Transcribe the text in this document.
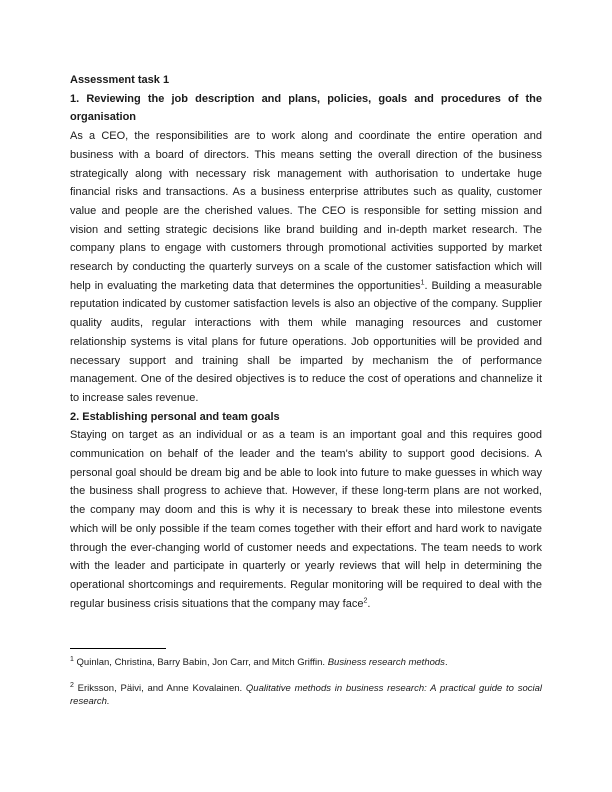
Assessment task 1
1. Reviewing the job description and plans, policies, goals and procedures of the organisation

As a CEO, the responsibilities are to work along and coordinate the entire operation and business with a board of directors. This means setting the overall direction of the business strategically along with necessary risk management with authorisation to undertake huge financial risks and transactions. As a business enterprise attributes such as quality, customer value and people are the cherished values. The CEO is responsible for setting mission and vision and setting strategic decisions like brand building and in-depth market research. The company plans to engage with customers through promotional activities supported by market research by conducting the quarterly surveys on a scale of the customer satisfaction which will help in evaluating the marketing data that determines the opportunities$^1$. Building a measurable reputation indicated by customer satisfaction levels is also an objective of the company. Supplier quality audits, regular interactions with them while managing resources and customer relationship systems is vital plans for future operations. Job opportunities will be provided and necessary support and training shall be imparted by mechanism the of performance management. One of the desired objectives is to reduce the cost of operations and channelize it to increase sales revenue.

2. Establishing personal and team goals

Staying on target as an individual or as a team is an important goal and this requires good communication on behalf of the leader and the team's ability to support good decisions. A personal goal should be dream big and be able to look into future to make guesses in which way the business shall progress to achieve that. However, if these long-term plans are not worked, the company may doom and this is why it is necessary to break these into milestone events which will be only possible if the team comes together with their effort and hard work to navigate through the ever-changing world of customer needs and expectations. The team needs to work with the leader and participate in quarterly or yearly reviews that will help in determining the operational shortcomings and requirements. Regular monitoring will be required to deal with the regular business crisis situations that the company may face$^2$.

$^1$ Quinlan, Christina, Barry Babin, Jon Carr, and Mitch Griffin. Business research methods.

$^2$ Eriksson, Päivi, and Anne Kovalainen. Qualitative methods in business research: A practical guide to social research.
